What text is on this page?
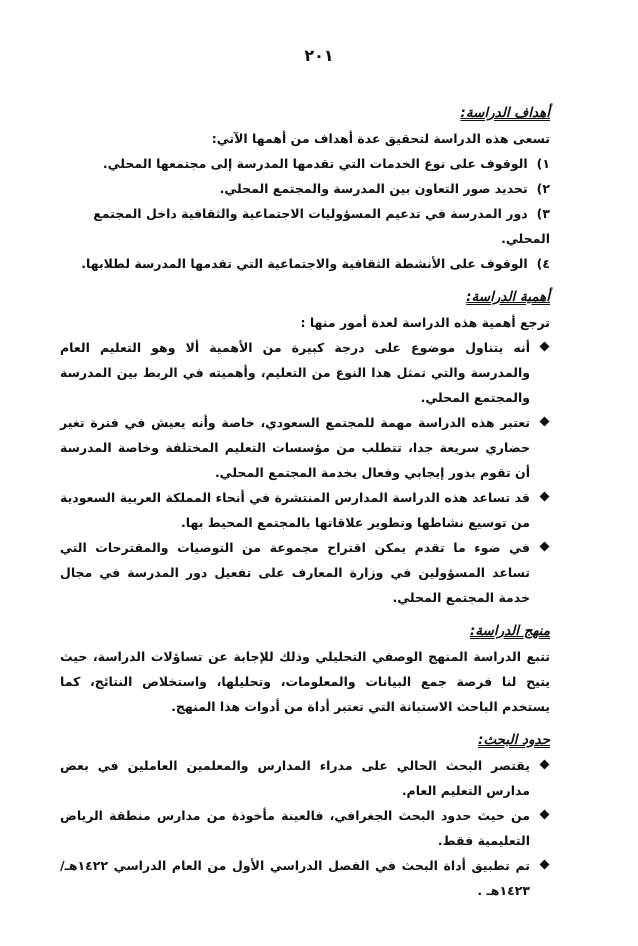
٢٠١
أهداف الدراسة:
تسعى هذه الدراسة لتحقيق عدة أهداف من أهمها الآتي:
١) الوقوف على نوع الخدمات التي تقدمها المدرسة إلى مجتمعها المحلي.
٢) تحديد صور التعاون بين المدرسة والمجتمع المحلي.
٣) دور المدرسة في تدعيم المسؤوليات الاجتماعية والثقافية داخل المجتمع المحلي.
٤) الوقوف على الأنشطة الثقافية والاجتماعية التي تقدمها المدرسة لطلابها.
أهمية الدراسة:
ترجع أهمية هذه الدراسة لعدة أمور منها :
أنه يتناول موضوع على درجة كبيرة من الأهمية ألا وهو التعليم العام والمدرسة والتي تمثل هذا النوع من التعليم، وأهميته في الربط بين المدرسة والمجتمع المحلي.
تعتبر هذه الدراسة مهمة للمجتمع السعودي، خاصة وأنه يعيش في فترة تغير حضاري سريعة جدا، تتطلب من مؤسسات التعليم المختلفة وخاصة المدرسة أن تقوم بدور إيجابي وفعال بخدمة المجتمع المحلي.
قد تساعد هذه الدراسة المدارس المنتشرة في أنحاء المملكة العربية السعودية من توسيع نشاطها وتطوير علاقاتها بالمجتمع المحيط بها.
في ضوء ما تقدم يمكن اقتراح مجموعة من التوصيات والمقترحات التي تساعد المسؤولين في وزارة المعارف على تفعيل دور المدرسة في مجال خدمة المجتمع المحلي.
منهج الدراسة:
تتبع الدراسة المنهج الوصفي التحليلي وذلك للإجابة عن تساؤلات الدراسة، حيث يتيح لنا فرصة جمع البيانات والمعلومات، وتحليلها، واستخلاص النتائج، كما يستخدم الباحث الاستبانة التي تعتبر أداة من أدوات هذا المنهج.
حدود البحث:
يقتصر البحث الحالي على مدراء المدارس والمعلمين العاملين في بعض مدارس التعليم العام.
من حيث حدود البحث الجغرافي، فالعينة مأخوذة من مدارس منطقة الرياض التعليمية فقط.
تم تطبيق أداة البحث في الفصل الدراسي الأول من العام الدراسي ١٤٢٢هـ/١٤٢٣هـ .
